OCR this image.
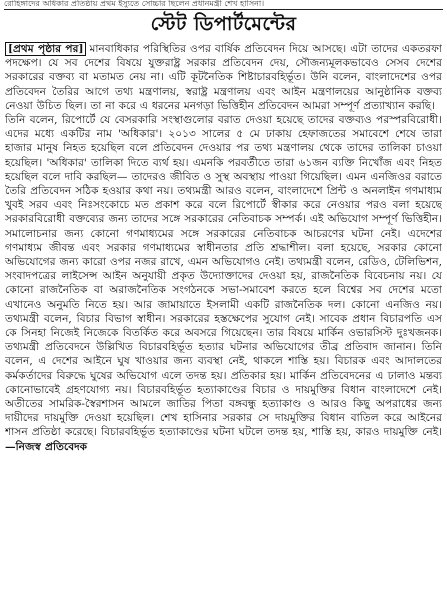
রোহিঙ্গাদের অধিকার প্রতিষ্ঠায় প্রথম ইস্যুতে সোচ্চার ছিলেন প্রধানমন্ত্রী শেখ হাসিনা।
স্টেট ডিপার্টমেন্টের

[প্রথম পৃষ্ঠার পর] মানবাধিকার পরিস্থিতির ওপর বার্ষিক প্রতিবেদন দিয়ে আসছে। এটা তাদের একতরফা পদক্ষেপ। যে সব দেশের বিষয়ে যুক্তরাষ্ট্র সরকার প্রতিবেদন দেয়, সৌজন্যমূলকভাবেও সেসব দেশের সরকারের বক্তব্য বা মতামত নেয় না। এটি কূটনৈতিক শিষ্টাচারবহির্ভূত। উনি বলেন, বাংলাদেশের ওপর প্রতিবেদন তৈরির আগে তথ্য মন্ত্রণালয়, স্বরাষ্ট্র মন্ত্রণালয় এবং আইন মন্ত্রণালয়ের আনুষ্ঠানিক বক্তব্য নেওয়া উচিত ছিল। তা না করে এ ধরনের মনগড়া ভিত্তিহীন প্রতিবেদন আমরা সম্পূর্ণ প্রত্যাখ্যান করছি।

তিনি বলেন, রিপোর্টে যে বেসরকারি সংস্থাগুলোর বরাত দেওয়া হয়েছে তাদের বক্তব্যও পরস্পরবিরোধী। এদের মধ্যে একটির নাম 'অধিকার'। ২০১৩ সালের ৫ মে ঢাকায় হেফাজতের সমাবেশে শেষে তারা হাজার মানুষ নিহত হয়েছিল বলে প্রতিবেদন দেওয়ার পর তথ্য মন্ত্রণালয় থেকে তাদের তালিকা চাওয়া হয়েছিল। 'অধিকার' তালিকা দিতে ব্যর্থ হয়। এমনকি পরবর্তীতে তারা ৬১জন ব্যক্তি নিখোঁজ এবং নিহত হয়েছিল বলে দাবি করছিল— তাদেরও জীবিত ও সুস্থ অবস্থায় পাওয়া গিয়েছিল। এমন এনজিওর বরাতে তৈরি প্রতিবেদন সঠিক হওয়ার কথা নয়। তথ্যমন্ত্রী আরও বলেন, বাংলাদেশে প্রিন্ট ও অনলাইন গণমাধ্যম খুবই সরব এবং নিঃসংকোচে মত প্রকাশ করে বলে রিপোর্টে স্বীকার করে নেওয়ার পরও বলা হয়েছে সরকারবিরোধী বক্তব্যের জন্য তাদের সঙ্গে সরকারের নেতিবাচক সম্পর্ক। এই অভিযোগ সম্পূর্ণ ভিত্তিহীন। সমালোচনার জন্য কোনো গণমাধ্যমের সঙ্গে সরকারের নেতিবাচক আচরণের ঘটনা নেই। এদেশের গণমাধ্যম জীবন্ত এবং সরকার গণমাধ্যমের স্বাধীনতার প্রতি শ্রদ্ধাশীল। বলা হয়েছে, সরকার কোনো অভিযোগের জন্য কারো ওপর নজর রাখে, এমন অভিযোগও নেই। তথ্যমন্ত্রী বলেন, রেডিও, টেলিভিশন, সংবাদপত্রের লাইসেন্স আইন অনুযায়ী প্রকৃত উদ্যোক্তাদের দেওয়া হয়, রাজনৈতিক বিবেচনায় নয়। যে কোনো রাজনৈতিক বা অরাজনৈতিক সংগঠনকে সভা-সমাবেশ করতে হলে বিশ্বের সব দেশের মতো এখানেও অনুমতি নিতে হয়। আর জামায়াতে ইসলামী একটি রাজনৈতিক দল। কোনো এনজিও নয়। তথ্যমন্ত্রী বলেন, বিচার বিভাগ স্বাধীন। সরকারের হস্তক্ষেপের সুযোগ নেই। সাবেক প্রধান বিচারপতি এস কে সিনহা নিজেই নিজেকে বিতর্কিত করে অবসরে গিয়েছেন। তার বিষয়ে মার্কিন ওভারসিস্ট দুঃখজনক। তথ্যমন্ত্রী প্রতিবেদনে উল্লিখিত বিচারবহির্ভূত হত্যার ঘটনার অভিযোগের তীব্র প্রতিবাদ জানান। তিনি বলেন, এ দেশের আইনে ঘুষ খাওয়ার জন্য ব্যবস্থা নেই, থাকলে শাস্তি হয়। বিচারক এবং আদালতের কর্মকর্তাদের বিরুদ্ধে ঘুষের অভিযোগ এলে তদন্ত হয়। প্রতিকার হয়। মার্কিন প্রতিবেদনের এ ঢালাও মন্তব্য কোনোভাবেই গ্রহণযোগ্য নয়। বিচারবহির্ভূত হত্যাকাণ্ডের বিচার ও দায়মুক্তির বিধান বাংলাদেশে নেই। অতীতের সামরিক-স্বৈরশাসন আমলে জাতির পিতা বঙ্গবন্ধু হত্যাকাণ্ড ও আরও কিছু অপরাধের জন্য দায়ীদের দায়মুক্তি দেওয়া হয়েছিল। শেখ হাসিনার সরকার সে দায়মুক্তির বিধান বাতিল করে আইনের শাসন প্রতিষ্ঠা করেছে। বিচারবহির্ভূত হত্যাকাণ্ডের ঘটনা ঘটলে তদন্ত হয়, শাস্তি হয়, কারও দায়মুক্তি নেই। —নিজস্ব প্রতিবেদক
